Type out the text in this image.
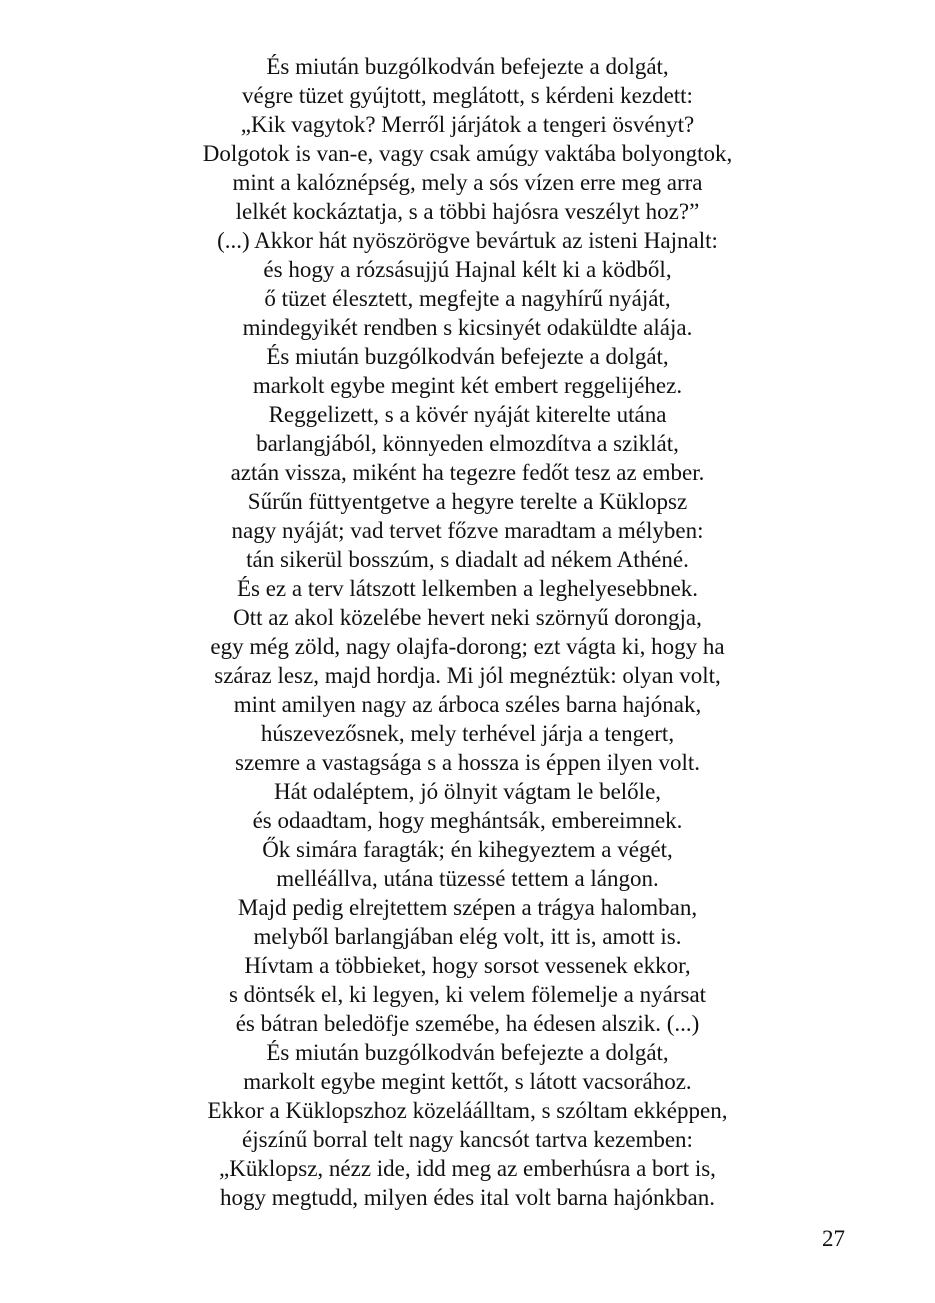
És miután buzgólkodván befejezte a dolgát,
végre tüzet gyújtott, meglátott, s kérdeni kezdett:
„Kik vagytok? Merről járjátok a tengeri ösvényt?
Dolgotok is van-e, vagy csak amúgy vaktába bolyongtok,
mint a kalóznépség, mely a sós vízen erre meg arra
lelkét kockáztatja, s a többi hajósra veszélyt hoz?”
(...) Akkor hát nyöszörögve bevártuk az isteni Hajnalt:
és hogy a rózsásujjú Hajnal kélt ki a ködből,
ő tüzet élesztett, megfejte a nagyhírű nyáját,
mindegyikét rendben s kicsinyét odaküldte alája.
És miután buzgólkodván befejezte a dolgát,
markolt egybe megint két embert reggelijéhez.
Reggelizett, s a kövér nyáját kiterelte utána
barlangjából, könnyeden elmozdítva a sziklát,
aztán vissza, miként ha tegezre fedőt tesz az ember.
Sűrűn füttyentgetve a hegyre terelte a Küklopsz
nagy nyáját; vad tervet főzve maradtam a mélyben:
tán sikerül bosszúm, s diadalt ad nékem Athéné.
És ez a terv látszott lelkemben a leghelyesebbnek.
Ott az akol közelébe hevert neki szörnyű dorongja,
egy még zöld, nagy olajfa-dorong; ezt vágta ki, hogy ha
száraz lesz, majd hordja. Mi jól megnéztük: olyan volt,
mint amilyen nagy az árboca széles barna hajónak,
húszevezősnek, mely terhével járja a tengert,
szemre a vastagsága s a hossza is éppen ilyen volt.
Hát odaléptem, jó ölnyit vágtam le belőle,
és odaadtam, hogy meghántsák, embereimnek.
Ők simára faragták; én kihegyeztem a végét,
melléállva, utána tüzessé tettem a lángon.
Majd pedig elrejtettem szépen a trágya halomban,
melyből barlangjában elég volt, itt is, amott is.
Hívtam a többieket, hogy sorsot vessenek ekkor,
s döntsék el, ki legyen, ki velem fölemelje a nyársat
és bátran beledöfje szemébe, ha édesen alszik. (...)
És miután buzgólkodván befejezte a dolgát,
markolt egybe megint kettőt, s látott vacsorához.
Ekkor a Küklopszhoz közeláálltam, s szóltam ekképpen,
éjszínű borral telt nagy kancsót tartva kezemben:
„Küklopsz, nézz ide, idd meg az emberhúsra a bort is,
hogy megtudd, milyen édes ital volt barna hajónkban.
27
